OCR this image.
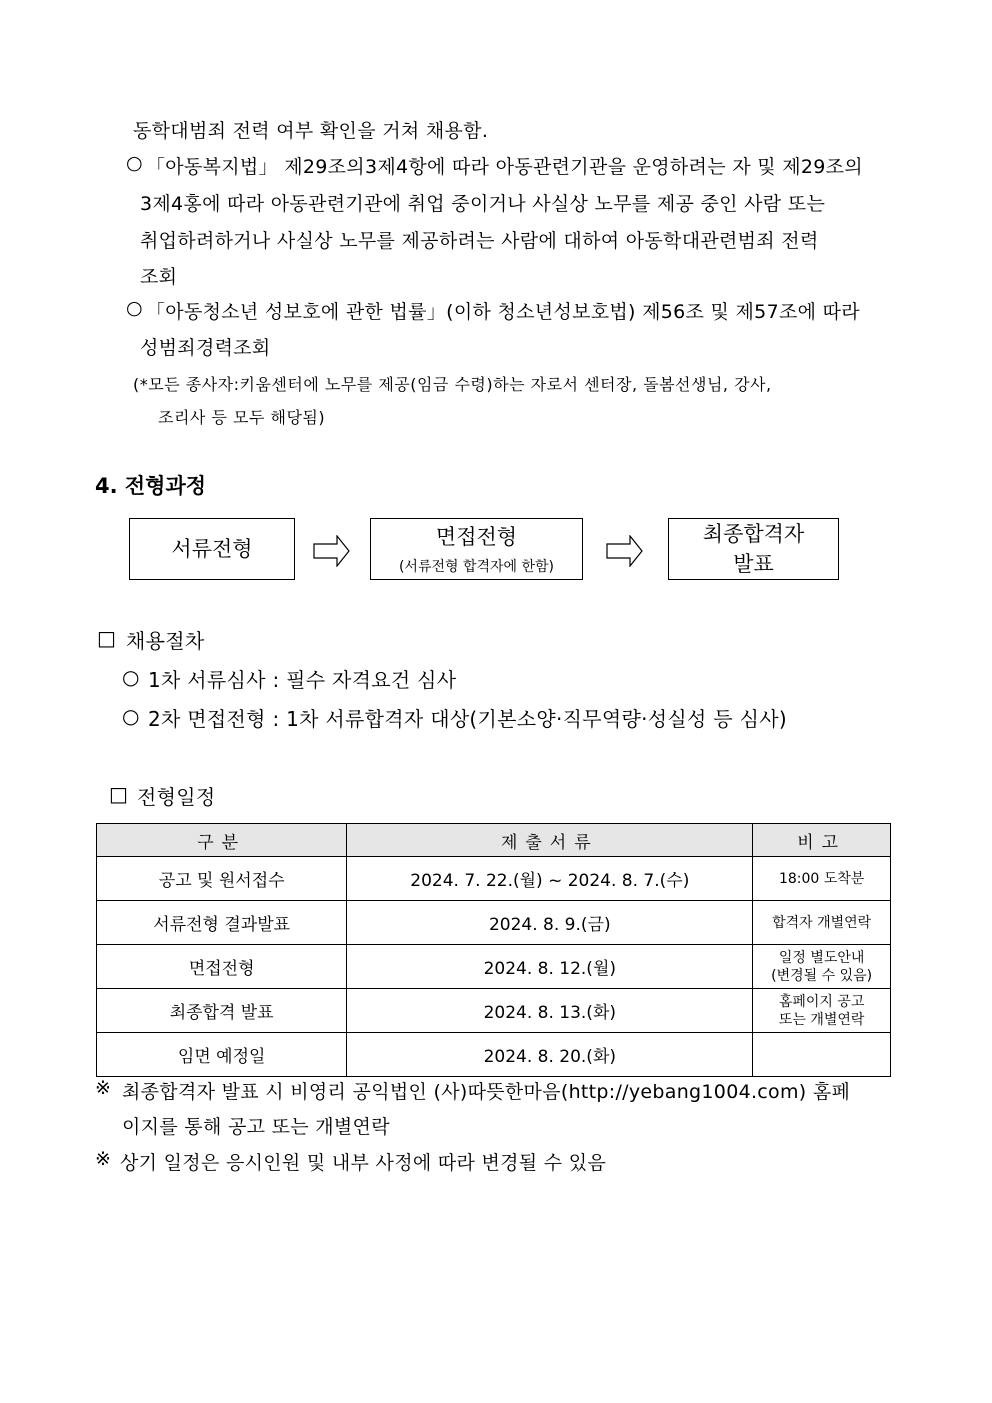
동학대범죄 전력 여부 확인을 거쳐 채용함.
○ 「아동복지법」 제29조의3제4항에 따라 아동관련기관을 운영하려는 자 및 제29조의
3제4홍에 따라 아동관련기관에 취업 중이거나 사실상 노무를 제공 중인 사람 또는
취업하려하거나 사실상 노무를 제공하려는 사람에 대하여 아동학대관련범죄 전력
조회
○ 「아동청소년 성보호에 관한 법률」(이하 청소년성보호법) 제56조 및 제57조에 따라
성범죄경력조회
(*모든 종사자:키움센터에 노무를 제공(임금 수령)하는 자로서 센터장, 돌봄선생님, 강사,
조리사 등 모두 해당됨)
4. 전형과정
서류전형	면접전형
(서류전형 합격자에 한함)
최종합격자
발표
□ 채용절차
○ 1차 서류심사 : 필수 자격요건 심사
○ 2차 면접전형 : 1차 서류합격자 대상(기본소양·직무역량·성실성 등 심사)
□ 전형일정
구분	제출서류	비고
공고 및 원서접수	2024. 7. 22.(월) ~ 2024. 8. 7.(수)	18:00 도착분

서류전형 결과발표	2024. 8. 9.(금)	합격자 개별연락

면접전형	2024. 8. 12.(월)	일정 별도안내
(변경될 수 있음)

최종합격 발표	2024. 8. 13.(화)	홈페이지 공고
또는 개별연락

임면 예정일	2024. 8. 20.(화)	
※ 최종합격자 발표 시 비영리 공익법인 (사)따뜻한마음(http://yebang1004.com) 홈페
이지를 통해 공고 또는 개별연락
※ 상기 일정은 응시인원 및 내부 사정에 따라 변경될 수 있음
